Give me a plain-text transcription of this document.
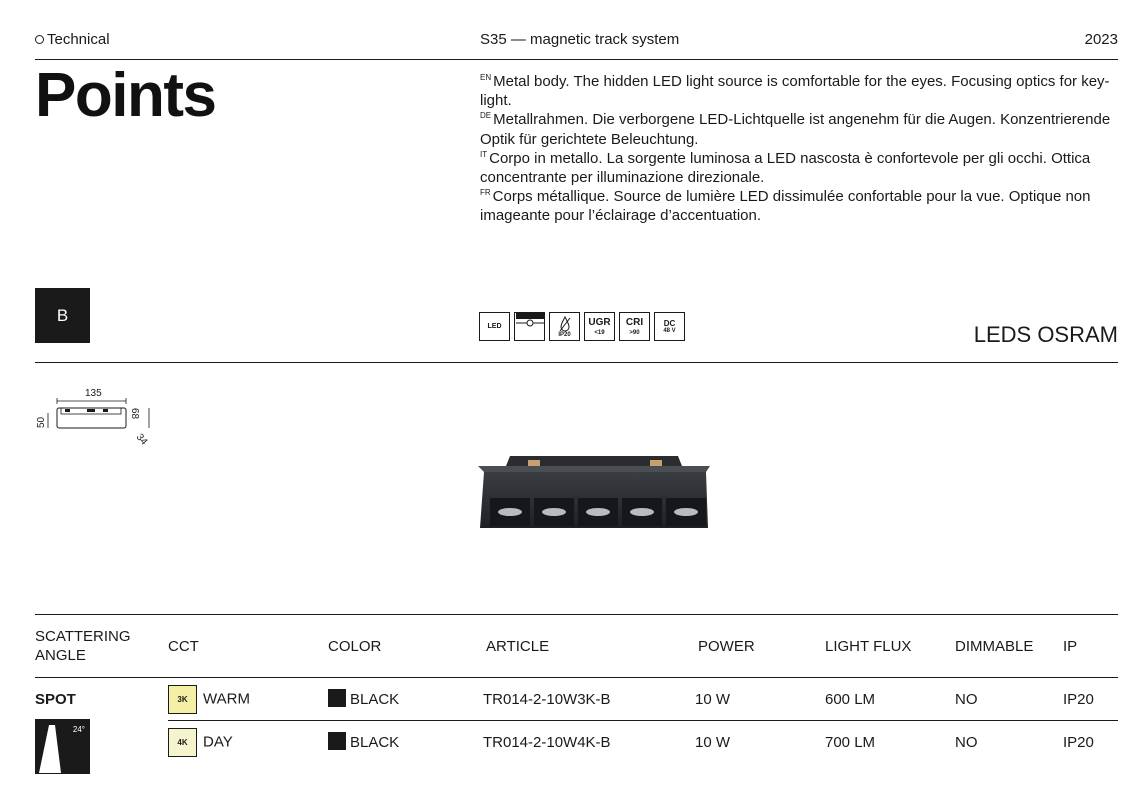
Technical	S35 — magnetic track system	2023
Points	$^{EN}$ Metal body. The hidden LED light source is comfortable for the eyes. Focusing optics for key-light.
$^{DE}$ Metallrahmen. Die verborgene LED-Lichtquelle ist angenehm für die Augen. Konzentrierende Optik für gerichtete Beleuchtung.
$^{IT}$ Corpo in metallo. La sorgente luminosa a LED nascosta è confortevole per gli occhi. Ottica concentrante per illuminazione direzionale.
$^{FR}$ Corps métallique. Source de lumière LED dissimulée confortable pour la vue. Optique non imageante pour l’éclairage d’accentuation.
B
LED
IP20
UGR
<19
CRI
>90
DC
48 V	LEDS OSRAM
135
50
68
34
SCATTERING ANGLE	CCT	COLOR	ARTICLE	POWER	LIGHT FLUX	DIMMABLE	IP
SPOT	3K WARM	BLACK	TR014-2-10W3K-B	10 W	600 LM	NO	IP20
	4K DAY	BLACK	TR014-2-10W4K-B	10 W	700 LM	NO	IP20
24°
